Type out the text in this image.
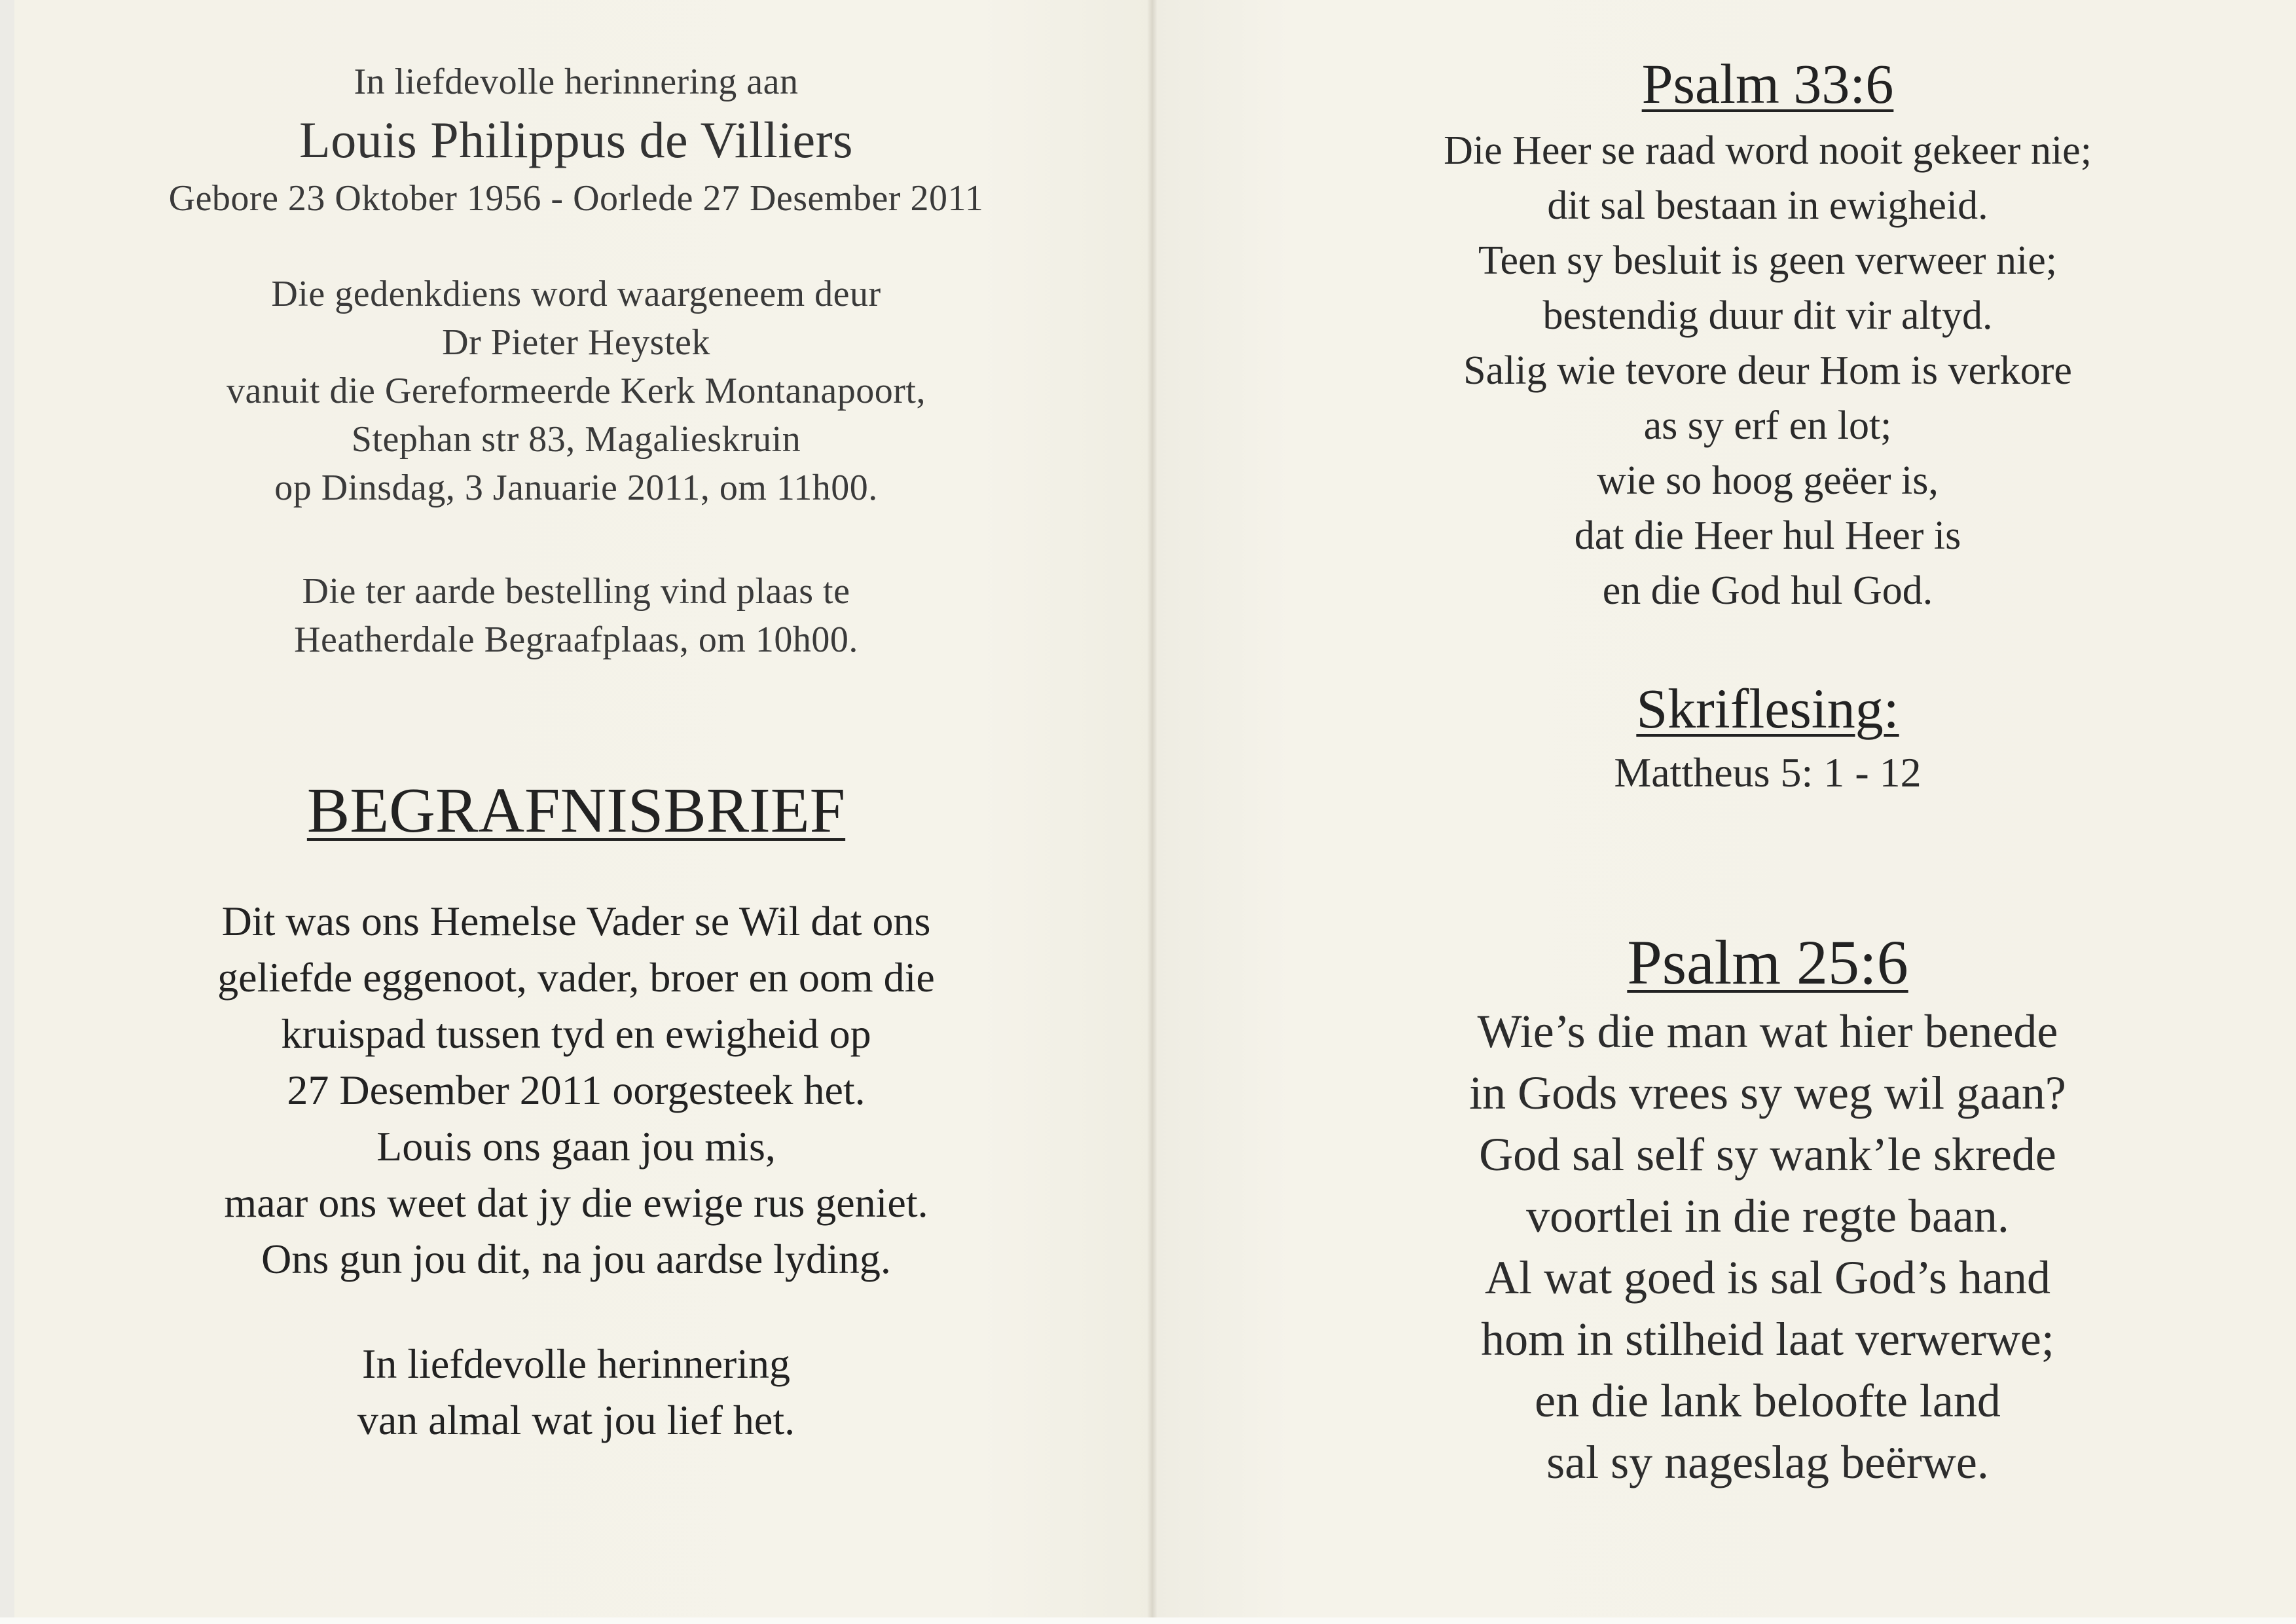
In liefdevolle herinnering aan
Louis Philippus de Villiers
Gebore 23 Oktober 1956 - Oorlede 27 Desember 2011
Die gedenkdiens word waargeneem deur
Dr Pieter Heystek
vanuit die Gereformeerde Kerk Montanapoort,
Stephan str 83, Magalieskruin
op Dinsdag, 3 Januarie 2011, om 11h00.
Die ter aarde bestelling vind plaas te
Heatherdale Begraafplaas, om 10h00.
BEGRAFNISBRIEF
Dit was ons Hemelse Vader se Wil dat ons
geliefde eggenoot, vader, broer en oom die
kruispad tussen tyd en ewigheid op
27 Desember 2011 oorgesteek het.
Louis ons gaan jou mis,
maar ons weet dat jy die ewige rus geniet.
Ons gun jou dit, na jou aardse lyding.
In liefdevolle herinnering
van almal wat jou lief het.
Psalm 33:6
Die Heer se raad word nooit gekeer nie;
dit sal bestaan in ewigheid.
Teen sy besluit is geen verweer nie;
bestendig duur dit vir altyd.
Salig wie tevore deur Hom is verkore
as sy erf en lot;
wie so hoog geëer is,
dat die Heer hul Heer is
en die God hul God.
Skriflesing:
Mattheus 5: 1 - 12
Psalm 25:6
Wie’s die man wat hier benede
in Gods vrees sy weg wil gaan?
God sal self sy wank’le skrede
voortlei in die regte baan.
Al wat goed is sal God’s hand
hom in stilheid laat verwerwe;
en die lank beloofte land
sal sy nageslag beërwe.
